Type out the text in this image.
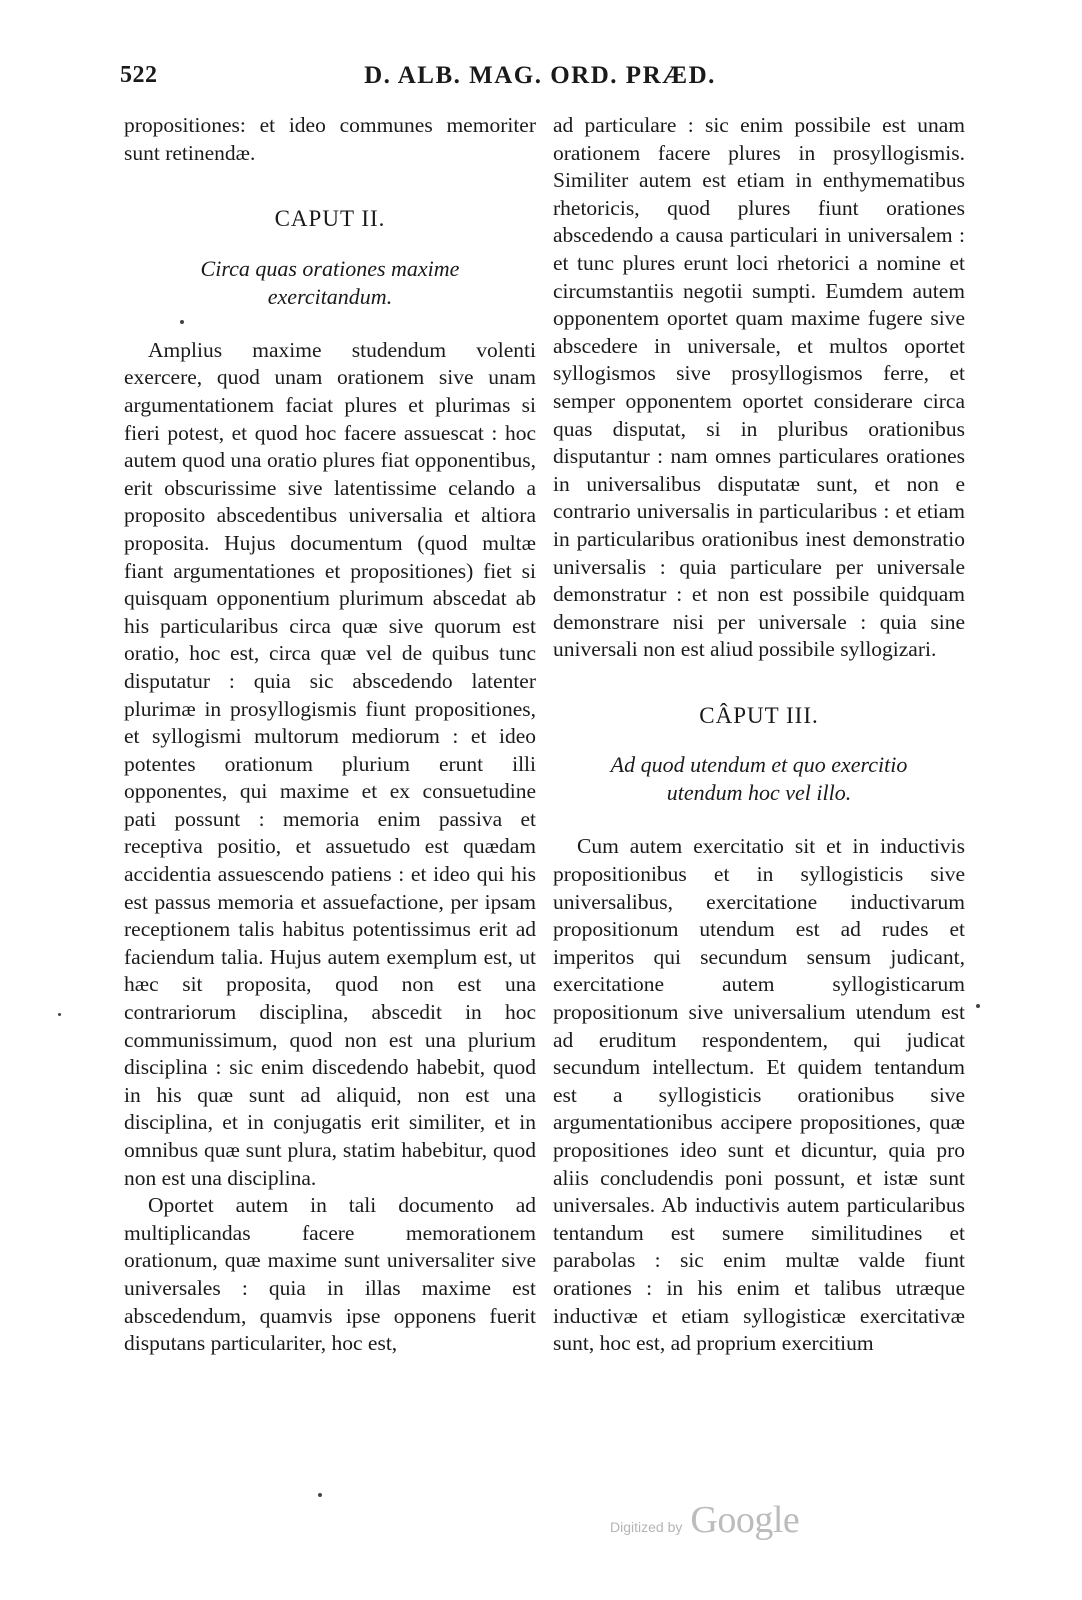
522	D. ALB. MAG. ORD. PRÆD.

propositiones: et ideo communes memoriter sunt retinendæ.

CAPUT II.
Circa quas orationes maxime exercitandum.

Amplius maxime studendum volenti exercere, quod unam orationem sive unam argumentationem faciat plures et plurimas si fieri potest, et quod hoc facere assuescat : hoc autem quod una oratio plures fiat opponentibus, erit obscurissime sive latentissime celando a proposito abscedentibus universalia et altiora proposita. Hujus documentum (quod multæ fiant argumentationes et propositiones) fiet si quisquam opponentium plurimum abscedat ab his particularibus circa quæ sive quorum est oratio, hoc est, circa quæ vel de quibus tunc disputatur : quia sic abscedendo latenter plurimæ in prosyllogismis fiunt propositiones, et syllogismi multorum mediorum : et ideo potentes orationum plurium erunt illi opponentes, qui maxime et ex consuetudine pati possunt : memoria enim passiva et receptiva positio, et assuetudo est quædam accidentia assuescendo patiens : et ideo qui his est passus memoria et assuefactione, per ipsam receptionem talis habitus potentissimus erit ad faciendum talia. Hujus autem exemplum est, ut hæc sit proposita, quod non est una contrariorum disciplina, abscedit in hoc communissimum, quod non est una plurium disciplina : sic enim discedendo habebit, quod in his quæ sunt ad aliquid, non est una disciplina, et in conjugatis erit similiter, et in omnibus quæ sunt plura, statim habebitur, quod non est una disciplina.

Oportet autem in tali documento ad multiplicandas facere memorationem orationum, quæ maxime sunt universaliter sive universales : quia in illas maxime est abscedendum, quamvis ipse opponens fuerit disputans particulariter, hoc est,

ad particulare : sic enim possibile est unam orationem facere plures in prosyllogismis. Similiter autem est etiam in enthymematibus rhetoricis, quod plures fiunt orationes abscedendo a causa particulari in universalem : et tunc plures erunt loci rhetorici a nomine et circumstantiis negotii sumpti. Eumdem autem opponentem oportet quam maxime fugere sive abscedere in universale, et multos oportet syllogismos sive prosyllogismos ferre, et semper opponentem oportet considerare circa quas disputat, si in pluribus orationibus disputantur : nam omnes particulares orationes in universalibus disputatæ sunt, et non e contrario universalis in particularibus : et etiam in particularibus orationibus inest demonstratio universalis : quia particulare per universale demonstratur : et non est possibile quidquam demonstrare nisi per universale : quia sine universali non est aliud possibile syllogizari.

CÂPUT III.
Ad quod utendum et quo exercitio utendum hoc vel illo.

Cum autem exercitatio sit et in inductivis propositionibus et in syllogisticis sive universalibus, exercitatione inductivarum propositionum utendum est ad rudes et imperitos qui secundum sensum judicant, exercitatione autem syllogisticarum propositionum sive universalium utendum est ad eruditum respondentem, qui judicat secundum intellectum. Et quidem tentandum est a syllogisticis orationibus sive argumentationibus accipere propositiones, quæ propositiones ideo sunt et dicuntur, quia pro aliis concludendis poni possunt, et istæ sunt universales. Ab inductivis autem particularibus tentandum est sumere similitudines et parabolas : sic enim multæ valde fiunt orationes : in his enim et talibus utræque inductivæ et etiam syllogisticæ exercitativæ sunt, hoc est, ad proprium exercitium

Digitized by Google
